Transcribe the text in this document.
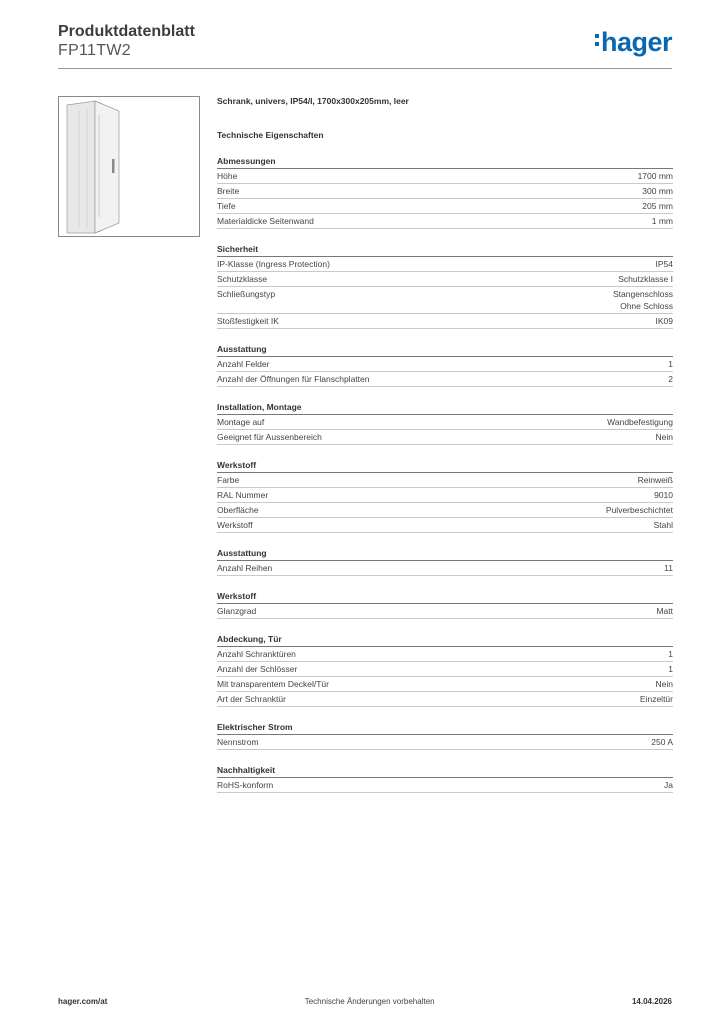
Produktdatenblatt
FP11TW2	hager
Schrank, univers, IP54/I, 1700x300x205mm, leer
Technische Eigenschaften
Abmessungen
Höhe	1700 mm
Breite	300 mm
Tiefe	205 mm
Materialdicke Seitenwand	1 mm
Sicherheit
IP-Klasse (Ingress Protection)	IP54
Schutzklasse	Schutzklasse I
Schließungstyp	Stangenschloss
Ohne Schloss
Stoßfestigkeit IK	IK09
Ausstattung
Anzahl Felder	1
Anzahl der Öffnungen für Flanschplatten	2
Installation, Montage
Montage auf	Wandbefestigung
Geeignet für Aussenbereich	Nein
Werkstoff
Farbe	Reinweiß
RAL Nummer	9010
Oberfläche	Pulverbeschichtet
Werkstoff	Stahl
Ausstattung
Anzahl Reihen	11
Werkstoff
Glanzgrad	Matt
Abdeckung, Tür
Anzahl Schranktüren	1
Anzahl der Schlösser	1
Mit transparentem Deckel/Tür	Nein
Art der Schranktür	Einzeltür
Elektrischer Strom
Nennstrom	250 A
Nachhaltigkeit
RoHS-konform	Ja
hager.com/at	Technische Änderungen vorbehalten	14.04.2026
